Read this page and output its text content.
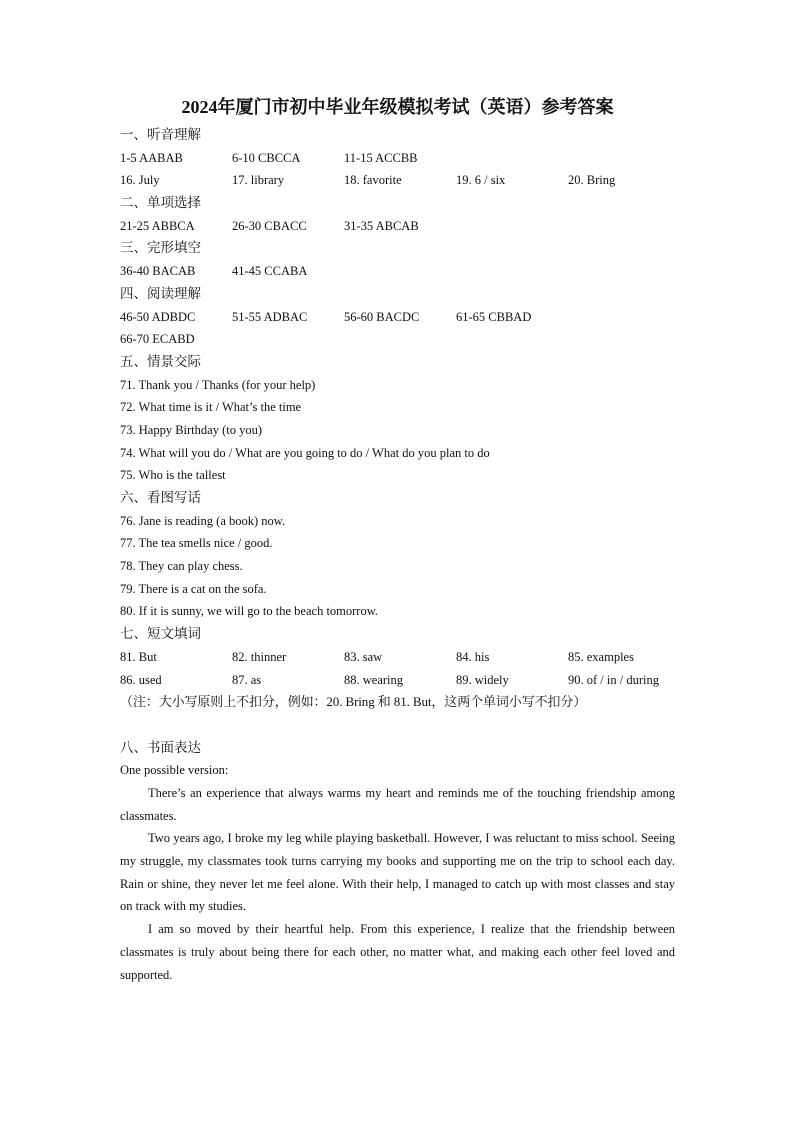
2024年厦门市初中毕业年级模拟考试（英语）参考答案
一、听音理解
1-5 AABAB	6-10 CBCCA	11-15 ACCBB
16. July	17. library	18. favorite	19. 6 / six	20. Bring
二、单项选择
21-25 ABBCA	26-30 CBACC	31-35 ABCAB
三、完形填空
36-40 BACAB	41-45 CCABA
四、阅读理解
46-50 ADBDC	51-55 ADBAC	56-60 BACDC	61-65 CBBAD
66-70 ECABD
五、情景交际
71. Thank you / Thanks (for your help)
72. What time is it / What’s the time
73. Happy Birthday (to you)
74. What will you do / What are you going to do / What do you plan to do
75. Who is the tallest
六、看图写话
76. Jane is reading (a book) now.
77. The tea smells nice / good.
78. They can play chess.
79. There is a cat on the sofa.
80. If it is sunny, we will go to the beach tomorrow.
七、短文填词
81. But	82. thinner	83. saw	84. his	85. examples
86. used	87. as	88. wearing	89. widely	90. of / in / during
（注：大小写原则上不扣分，例如：20. Bring 和 81. But，这两个单词小写不扣分）
八、书面表达
One possible version:

There’s an experience that always warms my heart and reminds me of the touching friendship among classmates.

Two years ago, I broke my leg while playing basketball. However, I was reluctant to miss school. Seeing my struggle, my classmates took turns carrying my books and supporting me on the trip to school each day. Rain or shine, they never let me feel alone. With their help, I managed to catch up with most classes and stay on track with my studies.

I am so moved by their heartful help. From this experience, I realize that the friendship between classmates is truly about being there for each other, no matter what, and making each other feel loved and supported.
